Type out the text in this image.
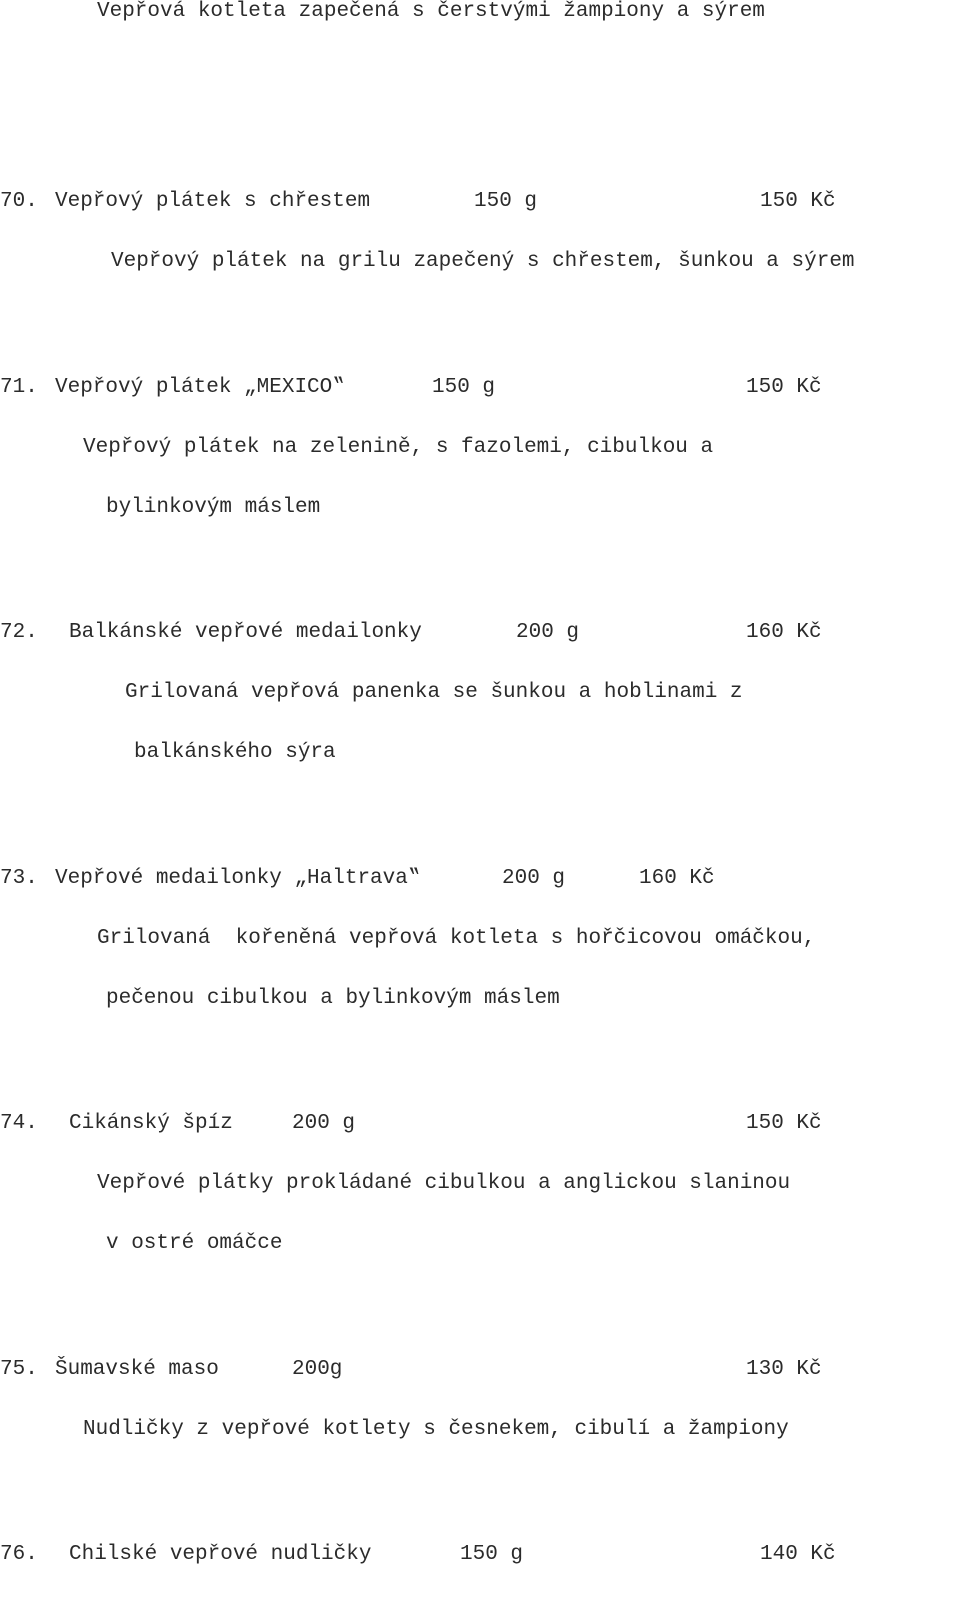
Vepřová kotleta zapečená s čerstvými žampiony a sýrem
70. Vepřový plátek s chřestem	150 g	150 Kč
Vepřový plátek na grilu zapečený s chřestem, šunkou a sýrem
71. Vepřový plátek „MEXICO‟	150 g	150 Kč
Vepřový plátek na zelenině, s fazolemi, cibulkou a
bylinkovým máslem
72. Balkánské vepřové medailonky	200 g	160 Kč
Grilovaná vepřová panenka se šunkou a hoblinami z
balkánského sýra
73. Vepřové medailonky „Haltrava‟	200 g	160 Kč
Grilovaná  kořeněná vepřová kotleta s hořčicovou omáčkou,
pečenou cibulkou a bylinkovým máslem
74. Cikánský špíz	200 g	150 Kč
Vepřové plátky prokládané cibulkou a anglickou slaninou
v ostré omáčce
75. Šumavské maso	200g	130 Kč
Nudličky z vepřové kotlety s česnekem, cibulí a žampiony
76. Chilské vepřové nudličky	150 g	140 Kč
